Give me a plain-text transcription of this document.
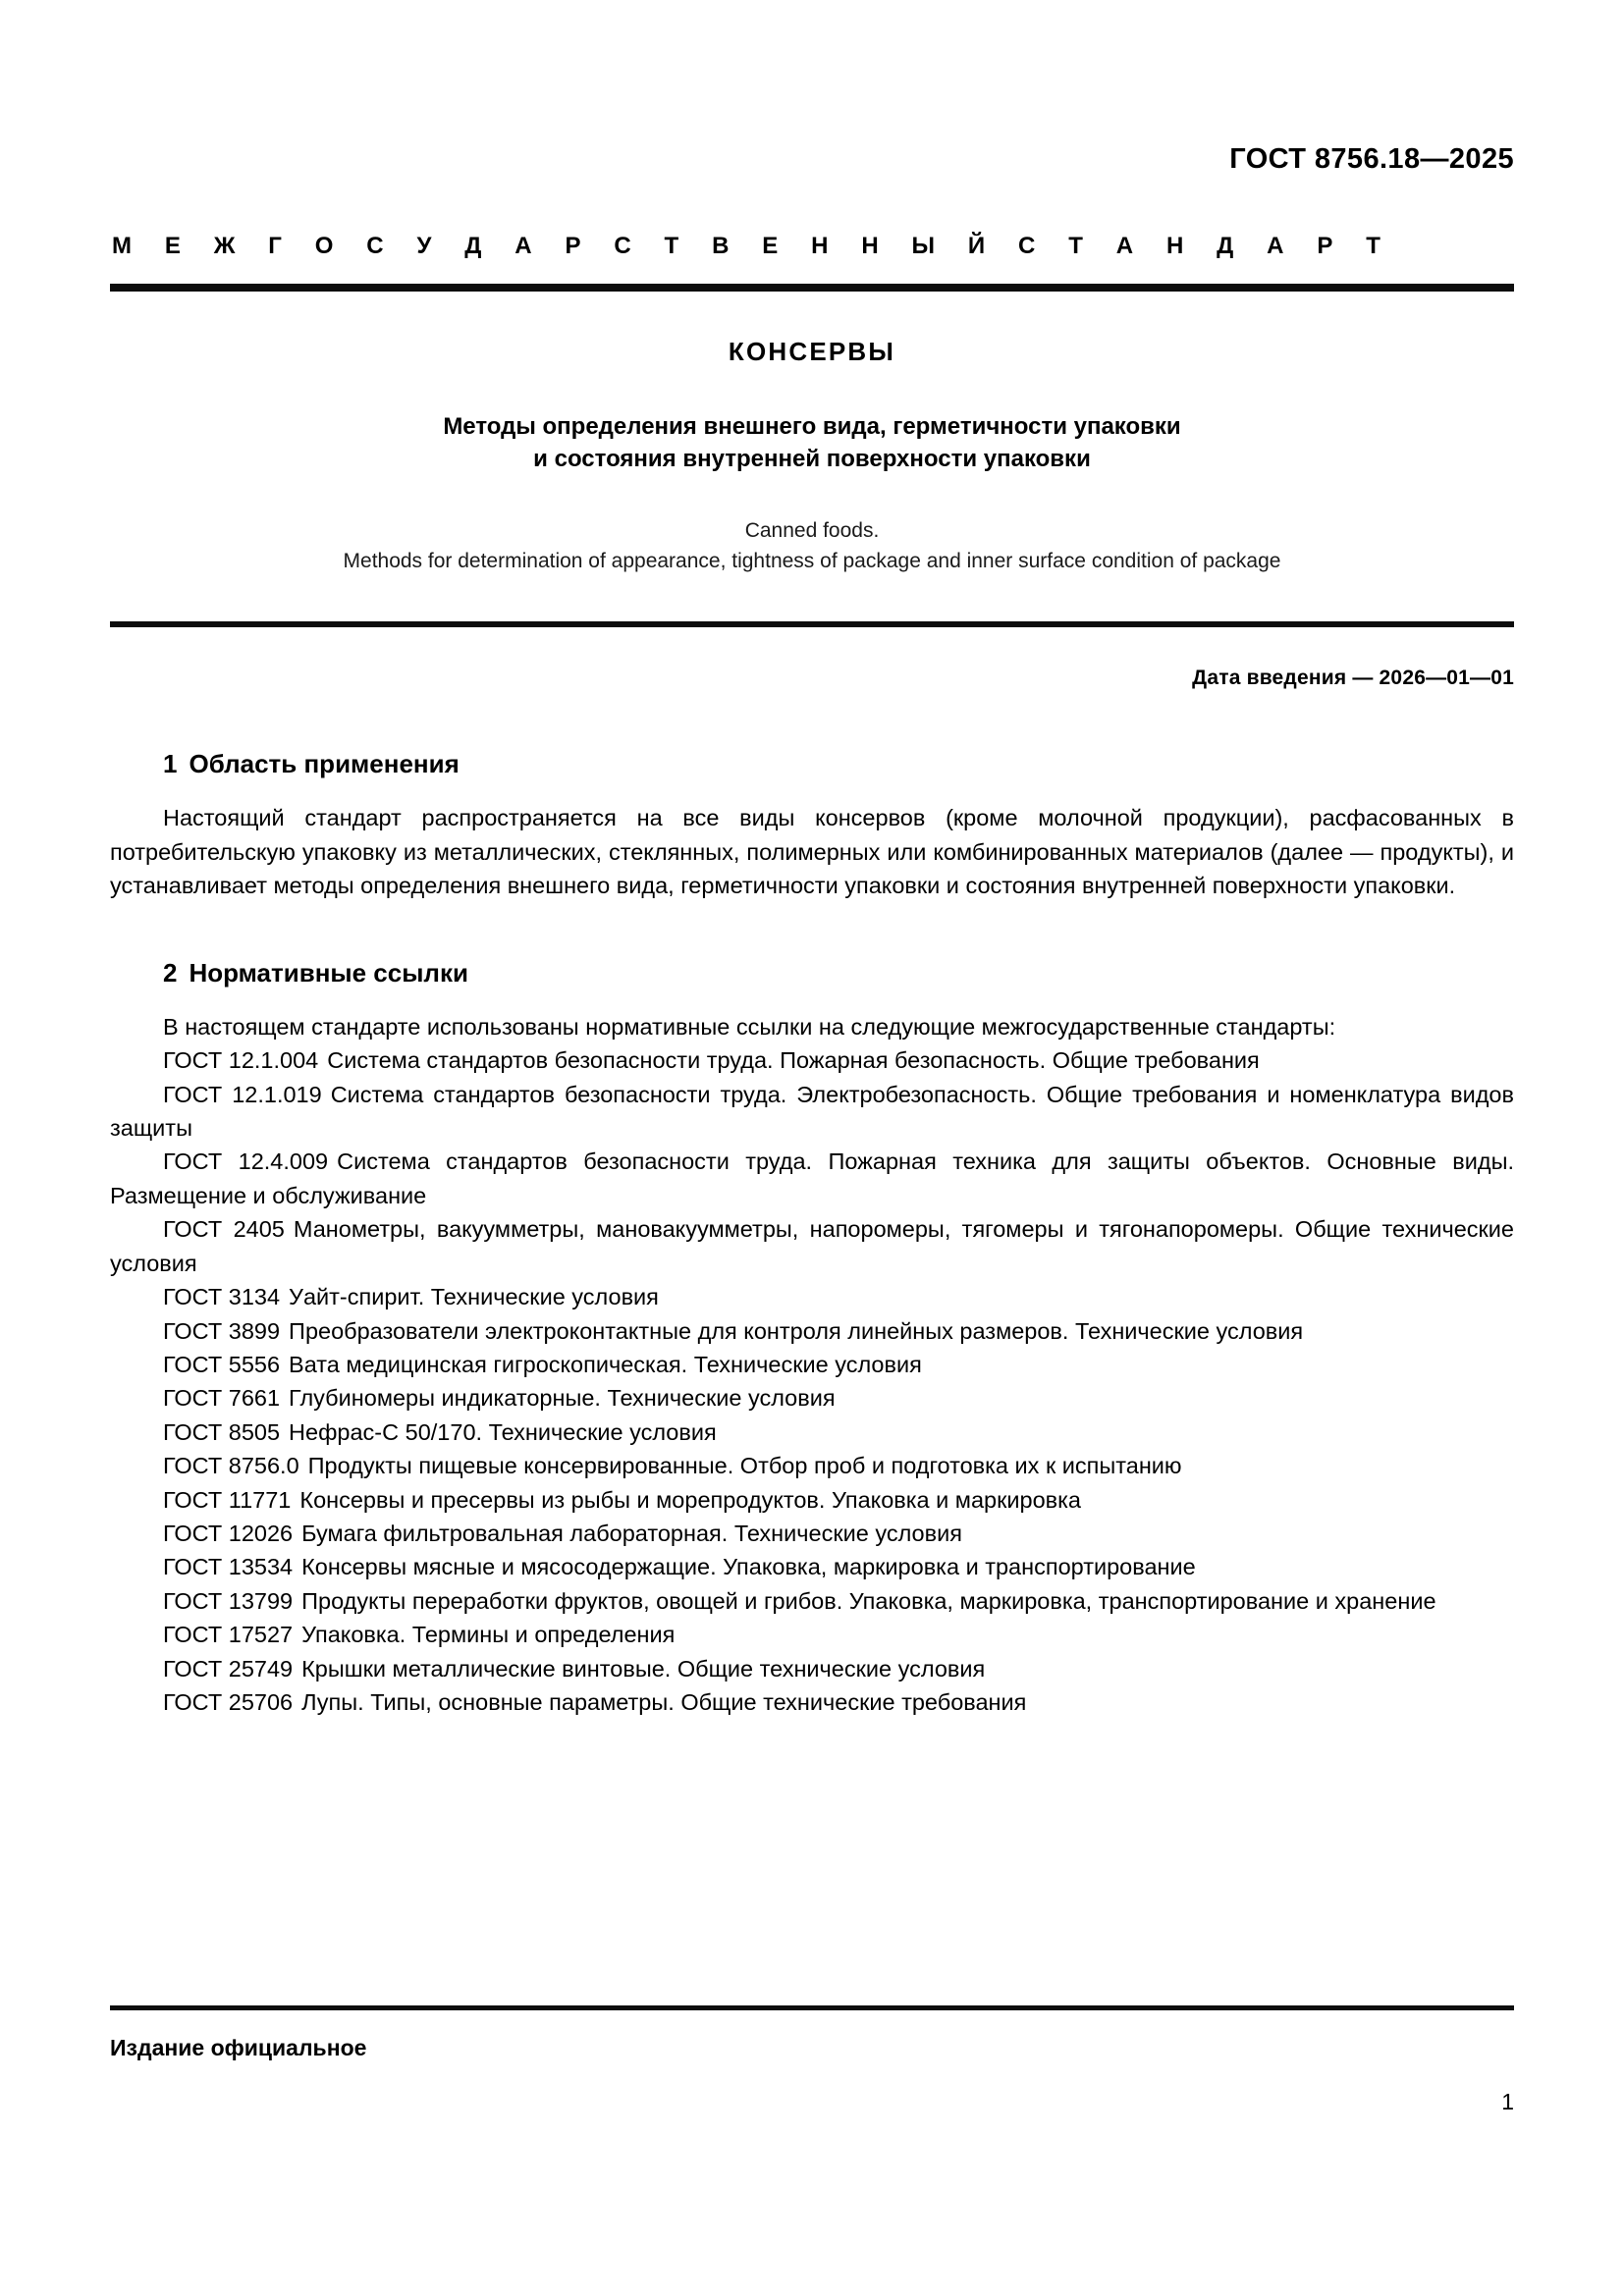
ГОСТ 8756.18—2025
М Е Ж Г О С У Д А Р С Т В Е Н Н Ы Й С Т А Н Д А Р Т
КОНСЕРВЫ
Методы определения внешнего вида, герметичности упаковки
и состояния внутренней поверхности упаковки
Canned foods.
Methods for determination of appearance, tightness of package and inner surface condition of package
Дата введения — 2026—01—01
1 Область применения

Настоящий стандарт распространяется на все виды консервов (кроме молочной продукции), расфасованных в потребительскую упаковку из металлических, стеклянных, полимерных или комбинированных материалов (далее — продукты), и устанавливает методы определения внешнего вида, герметичности упаковки и состояния внутренней поверхности упаковки.

2 Нормативные ссылки

В настоящем стандарте использованы нормативные ссылки на следующие межгосударственные стандарты:

ГОСТ 12.1.004 Система стандартов безопасности труда. Пожарная безопасность. Общие требования
ГОСТ 12.1.019 Система стандартов безопасности труда. Электробезопасность. Общие требования и номенклатура видов защиты
ГОСТ 12.4.009 Система стандартов безопасности труда. Пожарная техника для защиты объектов. Основные виды. Размещение и обслуживание
ГОСТ 2405 Манометры, вакуумметры, мановакуумметры, напоромеры, тягомеры и тягонапоромеры. Общие технические условия
ГОСТ 3134 Уайт-спирит. Технические условия
ГОСТ 3899 Преобразователи электроконтактные для контроля линейных размеров. Технические условия
ГОСТ 5556 Вата медицинская гигроскопическая. Технические условия
ГОСТ 7661 Глубиномеры индикаторные. Технические условия
ГОСТ 8505 Нефрас-С 50/170. Технические условия
ГОСТ 8756.0 Продукты пищевые консервированные. Отбор проб и подготовка их к испытанию
ГОСТ 11771 Консервы и пресервы из рыбы и морепродуктов. Упаковка и маркировка
ГОСТ 12026 Бумага фильтровальная лабораторная. Технические условия
ГОСТ 13534 Консервы мясные и мясосодержащие. Упаковка, маркировка и транспортирование
ГОСТ 13799 Продукты переработки фруктов, овощей и грибов. Упаковка, маркировка, транспортирование и хранение
ГОСТ 17527 Упаковка. Термины и определения
ГОСТ 25749 Крышки металлические винтовые. Общие технические условия
ГОСТ 25706 Лупы. Типы, основные параметры. Общие технические требования
Издание официальное
1
